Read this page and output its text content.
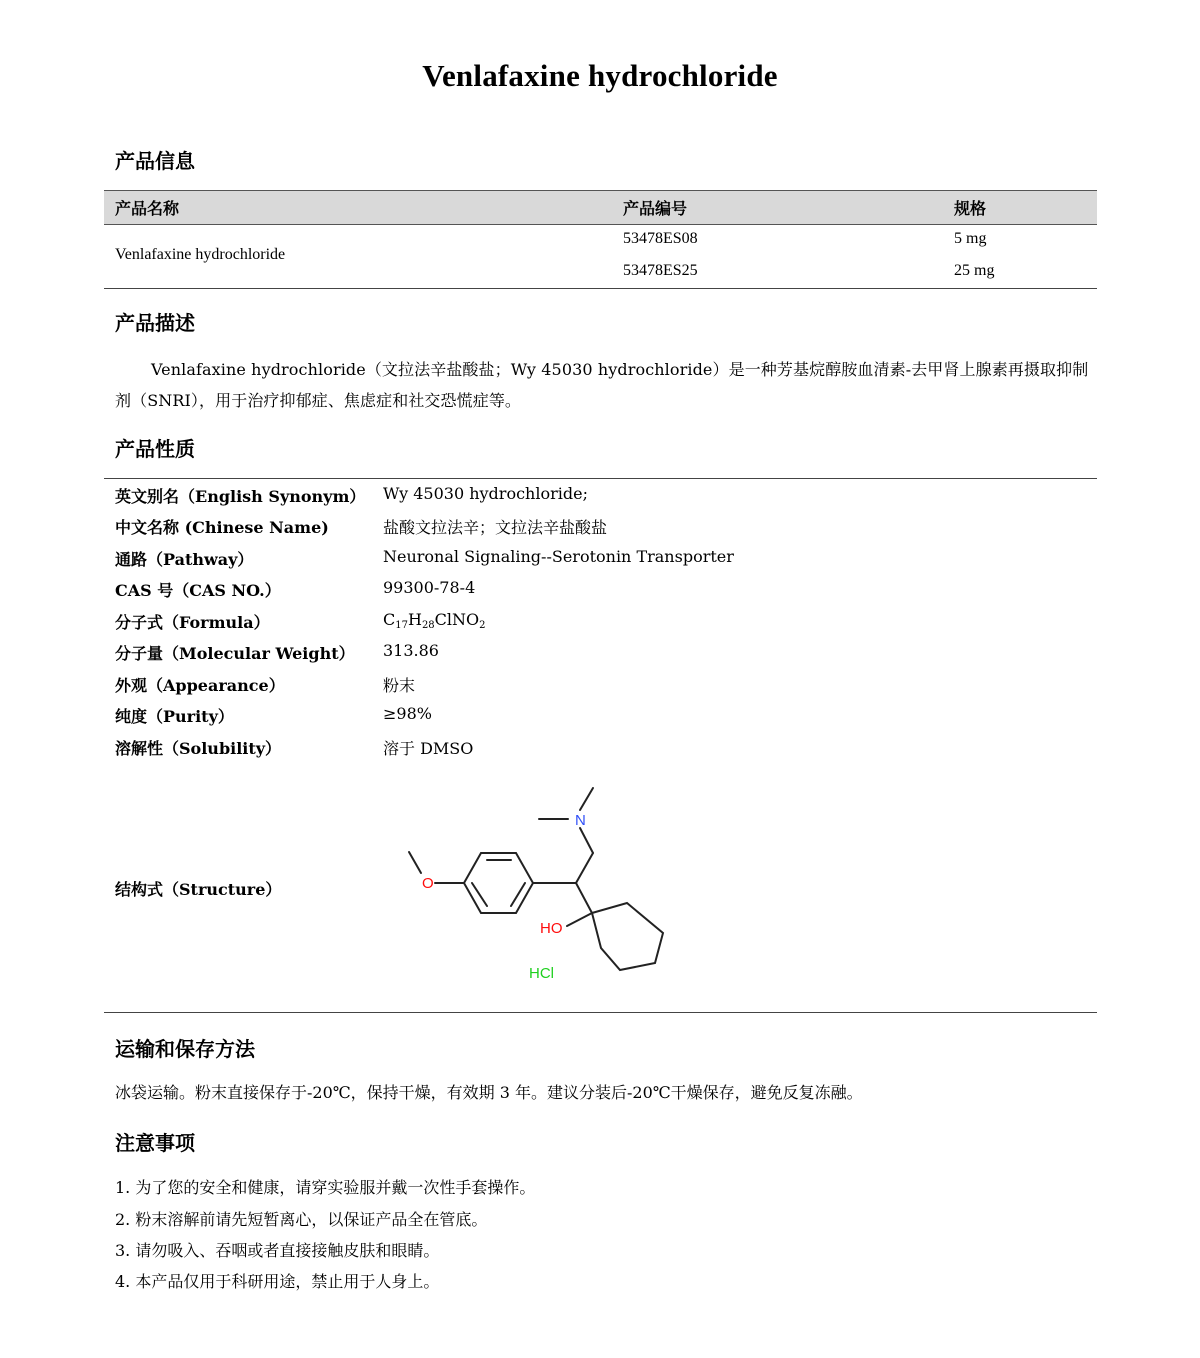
Venlafaxine hydrochloride
产品信息
产品名称	产品编号	规格
Venlafaxine hydrochloride
53478ES08	5 mg
53478ES25	25 mg
产品描述
Venlafaxine hydrochloride（文拉法辛盐酸盐；Wy 45030 hydrochloride）是一种芳基烷醇胺血清素-去甲肾上腺素再摄取抑制剂（SNRI），用于治疗抑郁症、焦虑症和社交恐慌症等。
产品性质
英文别名（English Synonym） Wy 45030 hydrochloride;
中文名称 (Chinese Name)	盐酸文拉法辛；文拉法辛盐酸盐
通路（Pathway）	Neuronal Signaling--Serotonin Transporter
CAS 号（CAS NO.）	99300-78-4
分子式（Formula）	$C_{17}H_{28}ClNO_2$
分子量（Molecular Weight） 313.86
外观（Appearance）	粉末
纯度（Purity）	≥98%
溶解性（Solubility）	溶于 DMSO
结构式（Structure）
N
O
HO
HCl
运输和保存方法
冰袋运输。粉末直接保存于-20℃，保持干燥，有效期 3 年。建议分装后-20℃干燥保存，避免反复冻融。
注意事项
1. 为了您的安全和健康，请穿实验服并戴一次性手套操作。
2. 粉末溶解前请先短暂离心，以保证产品全在管底。
3. 请勿吸入、吞咽或者直接接触皮肤和眼睛。
4. 本产品仅用于科研用途，禁止用于人身上。
